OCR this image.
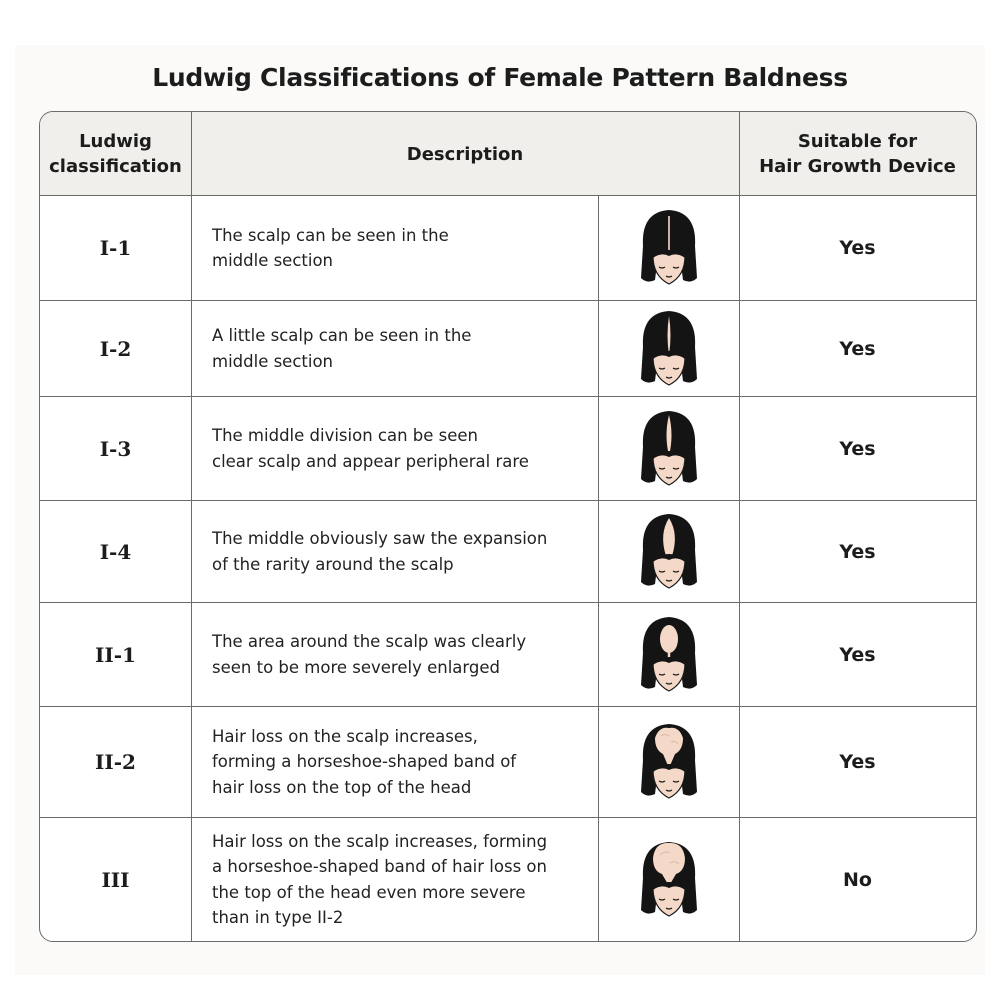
Ludwig Classifications of Female Pattern Baldness
Ludwig
classification
Description
Suitable for
Hair Growth Device
I-1
The scalp can be seen in the
middle section
Yes
I-2
A little scalp can be seen in the
middle section
Yes
I-3
The middle division can be seen
clear scalp and appear peripheral rare
Yes
I-4
The middle obviously saw the expansion
of the rarity around the scalp
Yes
II-1
The area around the scalp was clearly
seen to be more severely enlarged
Yes
II-2
Hair loss on the scalp increases,
forming a horseshoe-shaped band of
hair loss on the top of the head
Yes
III
Hair loss on the scalp increases, forming
a horseshoe-shaped band of hair loss on
the top of the head even more severe
than in type II-2
No
